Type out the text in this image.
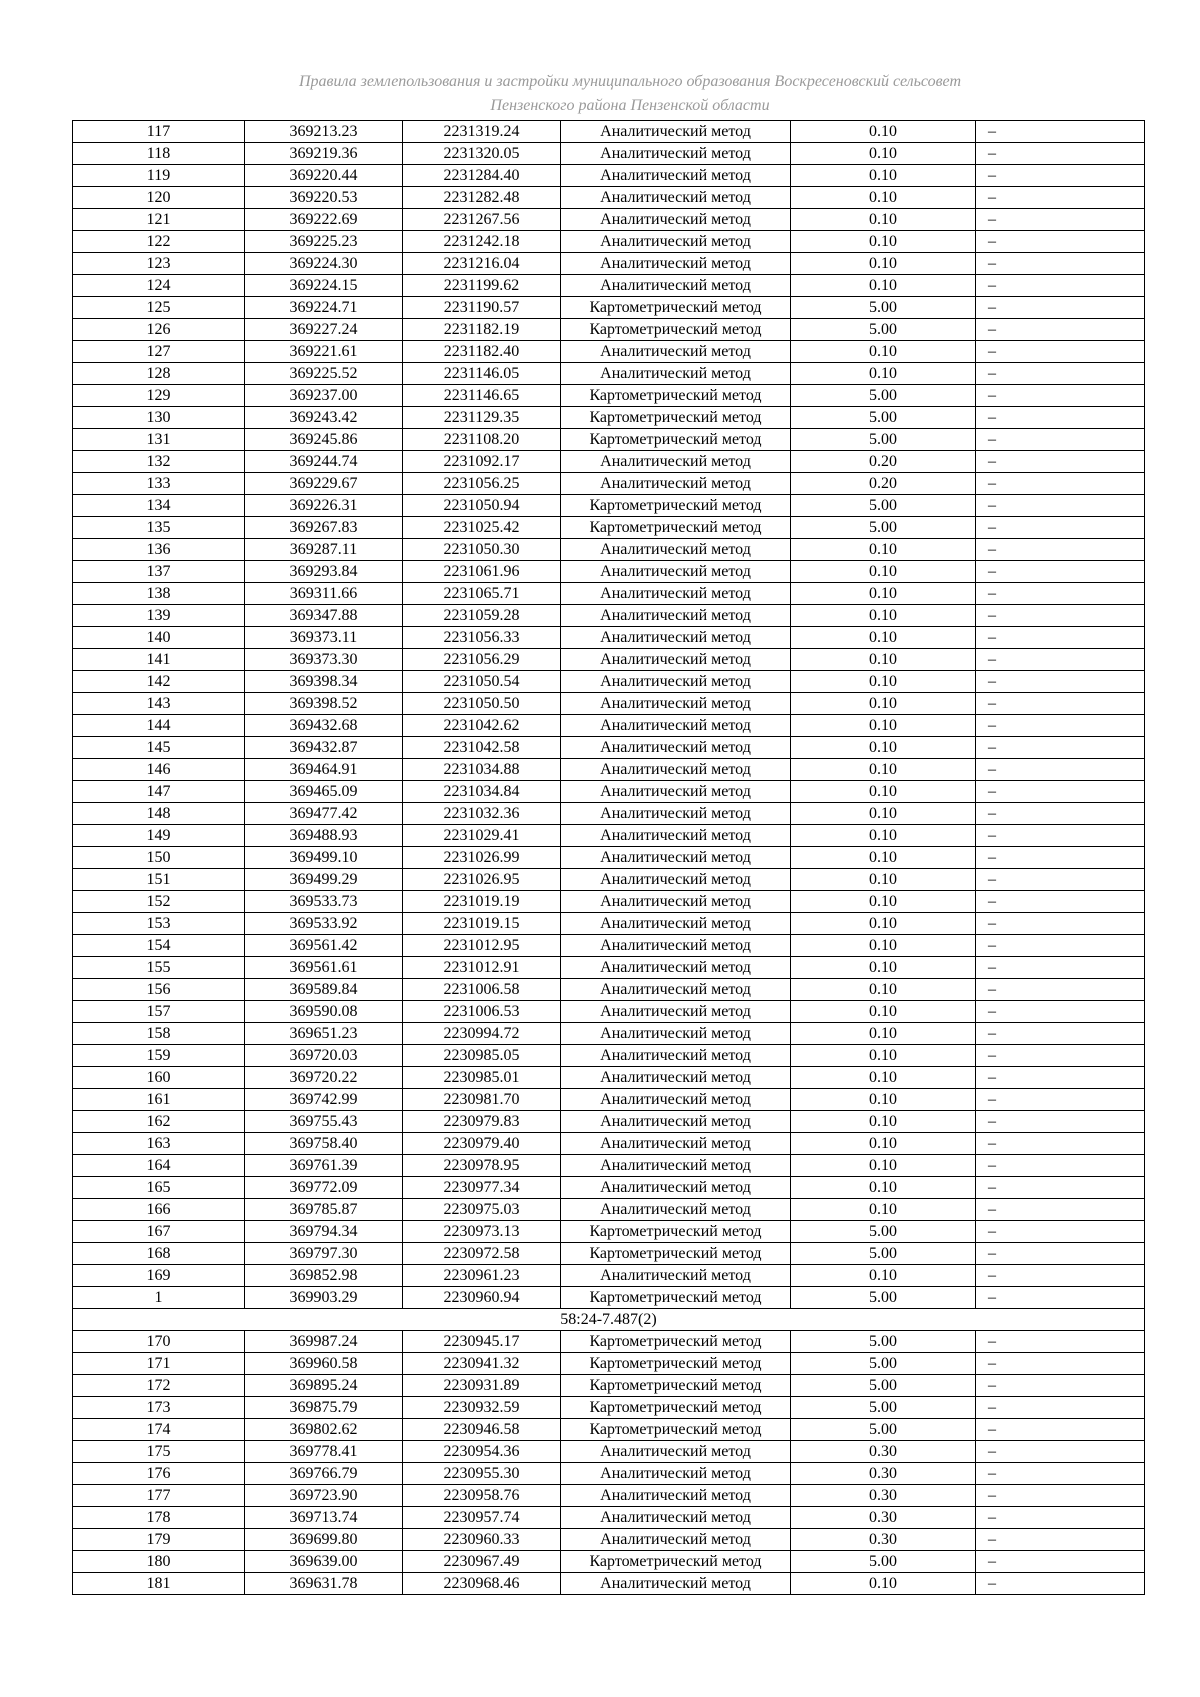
Правила землепользования и застройки муниципального образования Воскресеновский сельсовет
Пензенского района Пензенской области
117	369213.23	2231319.24	Аналитический метод	0.10	–
118	369219.36	2231320.05	Аналитический метод	0.10	–
119	369220.44	2231284.40	Аналитический метод	0.10	–
120	369220.53	2231282.48	Аналитический метод	0.10	–
121	369222.69	2231267.56	Аналитический метод	0.10	–
122	369225.23	2231242.18	Аналитический метод	0.10	–
123	369224.30	2231216.04	Аналитический метод	0.10	–
124	369224.15	2231199.62	Аналитический метод	0.10	–
125	369224.71	2231190.57	Картометрический метод	5.00	–
126	369227.24	2231182.19	Картометрический метод	5.00	–
127	369221.61	2231182.40	Аналитический метод	0.10	–
128	369225.52	2231146.05	Аналитический метод	0.10	–
129	369237.00	2231146.65	Картометрический метод	5.00	–
130	369243.42	2231129.35	Картометрический метод	5.00	–
131	369245.86	2231108.20	Картометрический метод	5.00	–
132	369244.74	2231092.17	Аналитический метод	0.20	–
133	369229.67	2231056.25	Аналитический метод	0.20	–
134	369226.31	2231050.94	Картометрический метод	5.00	–
135	369267.83	2231025.42	Картометрический метод	5.00	–
136	369287.11	2231050.30	Аналитический метод	0.10	–
137	369293.84	2231061.96	Аналитический метод	0.10	–
138	369311.66	2231065.71	Аналитический метод	0.10	–
139	369347.88	2231059.28	Аналитический метод	0.10	–
140	369373.11	2231056.33	Аналитический метод	0.10	–
141	369373.30	2231056.29	Аналитический метод	0.10	–
142	369398.34	2231050.54	Аналитический метод	0.10	–
143	369398.52	2231050.50	Аналитический метод	0.10	–
144	369432.68	2231042.62	Аналитический метод	0.10	–
145	369432.87	2231042.58	Аналитический метод	0.10	–
146	369464.91	2231034.88	Аналитический метод	0.10	–
147	369465.09	2231034.84	Аналитический метод	0.10	–
148	369477.42	2231032.36	Аналитический метод	0.10	–
149	369488.93	2231029.41	Аналитический метод	0.10	–
150	369499.10	2231026.99	Аналитический метод	0.10	–
151	369499.29	2231026.95	Аналитический метод	0.10	–
152	369533.73	2231019.19	Аналитический метод	0.10	–
153	369533.92	2231019.15	Аналитический метод	0.10	–
154	369561.42	2231012.95	Аналитический метод	0.10	–
155	369561.61	2231012.91	Аналитический метод	0.10	–
156	369589.84	2231006.58	Аналитический метод	0.10	–
157	369590.08	2231006.53	Аналитический метод	0.10	–
158	369651.23	2230994.72	Аналитический метод	0.10	–
159	369720.03	2230985.05	Аналитический метод	0.10	–
160	369720.22	2230985.01	Аналитический метод	0.10	–
161	369742.99	2230981.70	Аналитический метод	0.10	–
162	369755.43	2230979.83	Аналитический метод	0.10	–
163	369758.40	2230979.40	Аналитический метод	0.10	–
164	369761.39	2230978.95	Аналитический метод	0.10	–
165	369772.09	2230977.34	Аналитический метод	0.10	–
166	369785.87	2230975.03	Аналитический метод	0.10	–
167	369794.34	2230973.13	Картометрический метод	5.00	–
168	369797.30	2230972.58	Картометрический метод	5.00	–
169	369852.98	2230961.23	Аналитический метод	0.10	–
1	369903.29	2230960.94	Картометрический метод	5.00	–
58:24-7.487(2)					
170	369987.24	2230945.17	Картометрический метод	5.00	–
171	369960.58	2230941.32	Картометрический метод	5.00	–
172	369895.24	2230931.89	Картометрический метод	5.00	–
173	369875.79	2230932.59	Картометрический метод	5.00	–
174	369802.62	2230946.58	Картометрический метод	5.00	–
175	369778.41	2230954.36	Аналитический метод	0.30	–
176	369766.79	2230955.30	Аналитический метод	0.30	–
177	369723.90	2230958.76	Аналитический метод	0.30	–
178	369713.74	2230957.74	Аналитический метод	0.30	–
179	369699.80	2230960.33	Аналитический метод	0.30	–
180	369639.00	2230967.49	Картометрический метод	5.00	–
181	369631.78	2230968.46	Аналитический метод	0.10	–
